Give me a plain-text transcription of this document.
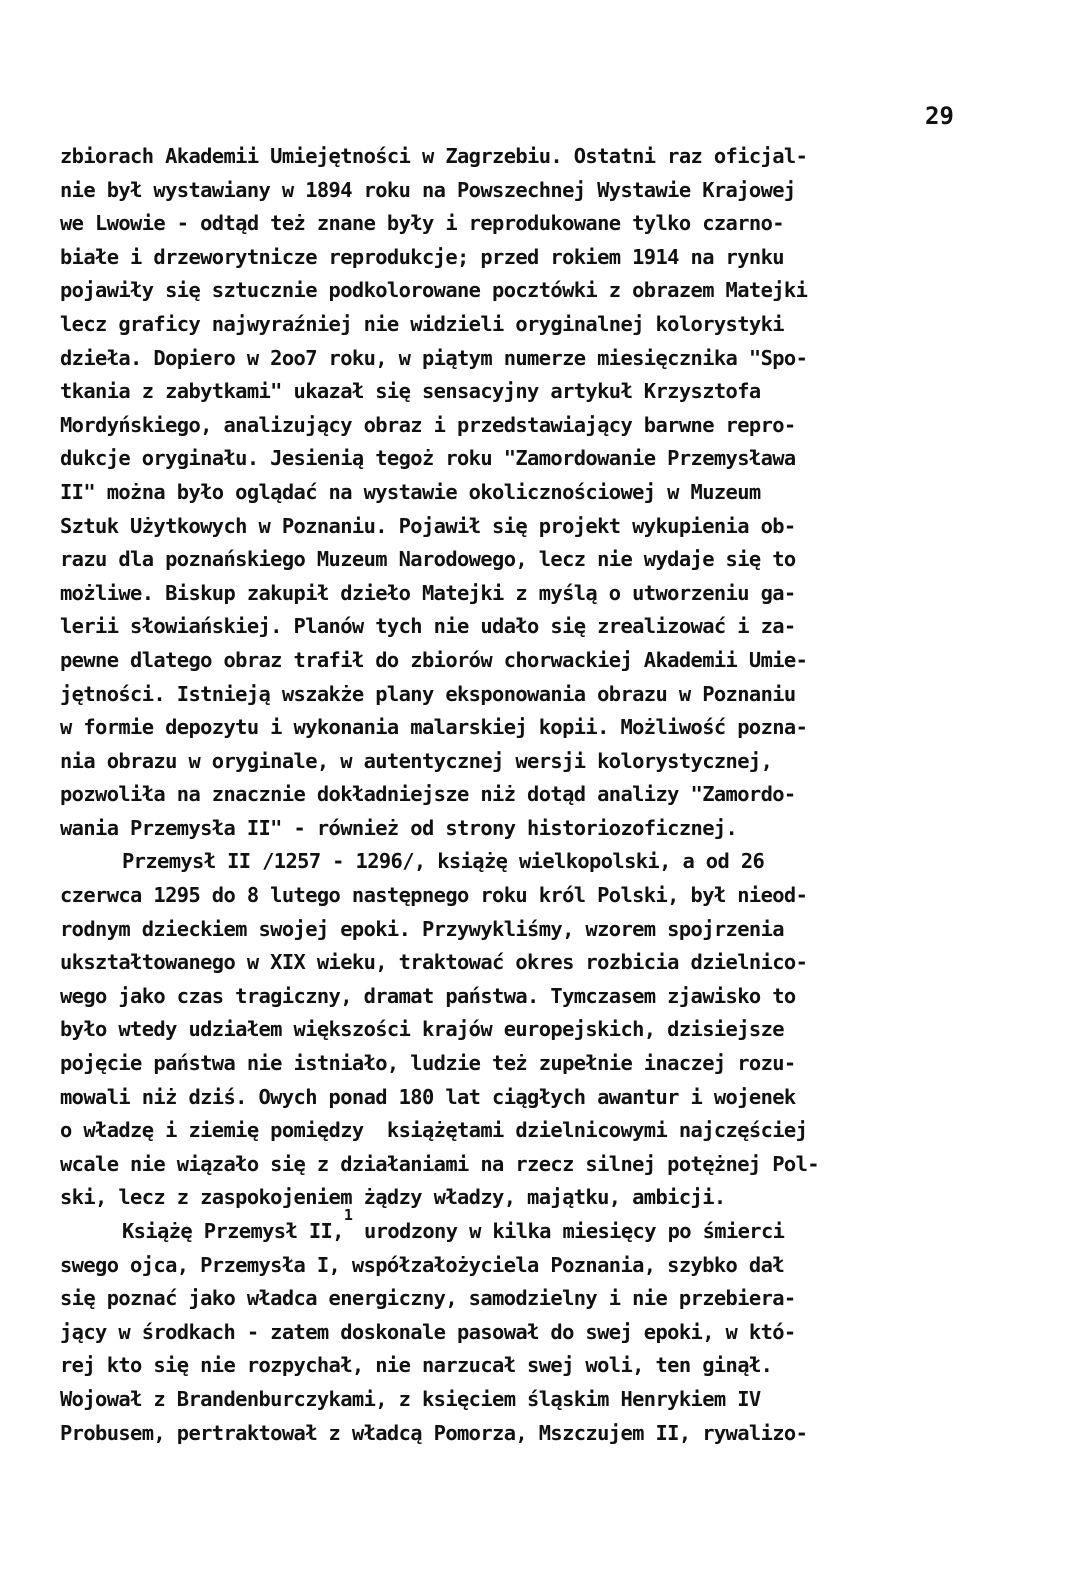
29
zbiorach Akademii Umiejętności w Zagrzebiu. Ostatni raz oficjal-
nie był wystawiany w 1894 roku na Powszechnej Wystawie Krajowej
we Lwowie - odtąd też znane były i reprodukowane tylko czarno-
białe i drzeworytnicze reprodukcje; przed rokiem 1914 na rynku
pojawiły się sztucznie podkolorowane pocztówki z obrazem Matejki
lecz graficy najwyraźniej nie widzieli oryginalnej kolorystyki
dzieła. Dopiero w 2oo7 roku, w piątym numerze miesięcznika "Spo-
tkania z zabytkami" ukazał się sensacyjny artykuł Krzysztofa
Mordyńskiego, analizujący obraz i przedstawiający barwne repro-
dukcje oryginału. Jesienią tegoż roku "Zamordowanie Przemysława
II" można było oglądać na wystawie okolicznościowej w Muzeum
Sztuk Użytkowych w Poznaniu. Pojawił się projekt wykupienia ob-
razu dla poznańskiego Muzeum Narodowego, lecz nie wydaje się to
możliwe. Biskup zakupił dzieło Matejki z myślą o utworzeniu ga-
lerii słowiańskiej. Planów tych nie udało się zrealizować i za-
pewne dlatego obraz trafił do zbiorów chorwackiej Akademii Umie-
jętności. Istnieją wszakże plany eksponowania obrazu w Poznaniu
w formie depozytu i wykonania malarskiej kopii. Możliwość pozna-
nia obrazu w oryginale, w autentycznej wersji kolorystycznej,
pozwoliła na znacznie dokładniejsze niż dotąd analizy "Zamordo-
wania Przemysła II" - również od strony historiozoficznej.
Przemysł II /1257 - 1296/, książę wielkopolski, a od 26
czerwca 1295 do 8 lutego następnego roku król Polski, był nieod-
rodnym dzieckiem swojej epoki. Przywykliśmy, wzorem spojrzenia
ukształtowanego w XIX wieku, traktować okres rozbicia dzielnico-
wego jako czas tragiczny, dramat państwa. Tymczasem zjawisko to
było wtedy udziałem większości krajów europejskich, dzisiejsze
pojęcie państwa nie istniało, ludzie też zupełnie inaczej rozu-
mowali niż dziś. Owych ponad 180 lat ciągłych awantur i wojenek
o władzę i ziemię pomiędzy  książętami dzielnicowymi najczęściej
wcale nie wiązało się z działaniami na rzecz silnej potężnej Pol-
ski, lecz z zaspokojeniem żądzy władzy, majątku, ambicji.
Książę Przemysł II,$^1$ urodzony w kilka miesięcy po śmierci
swego ojca, Przemysła I, współzałożyciela Poznania, szybko dał
się poznać jako władca energiczny, samodzielny i nie przebiera-
jący w środkach - zatem doskonale pasował do swej epoki, w któ-
rej kto się nie rozpychał, nie narzucał swej woli, ten ginął.
Wojował z Brandenburczykami, z księciem śląskim Henrykiem IV
Probusem, pertraktował z władcą Pomorza, Mszczujem II, rywalizo-
